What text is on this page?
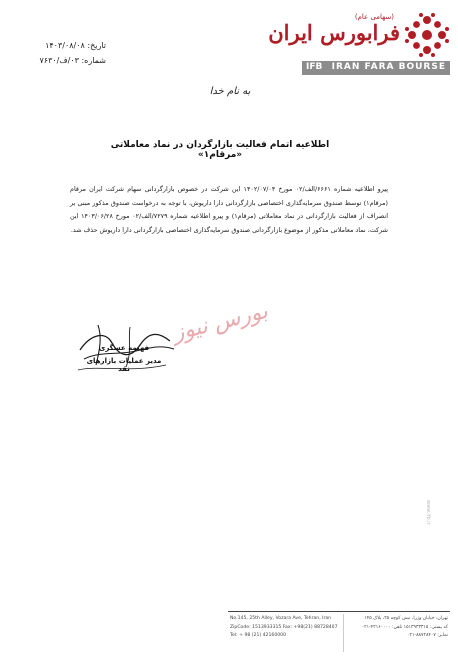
(سهامی عام)
فرابورس ایران
IFB IRAN FARA BOURSE
تاریخ: ۱۴۰۳/۰۸/۰۸
شماره: ۰۳/ف/۷۶۳۰
به نام خدا
اطلاعیه اتمام فعالیت بازارگردان در نماد معاملاتی «مرقام۱»
پیرو اطلاعیه شماره ۶۶۶۱/الف/۰۲ مورخ ۱۴۰۲/۰۷/۰۴ این شرکت در خصوص بازارگردانی سهام شرکت ایران مرقام (مرقام۱) توسط صندوق سرمایه‌گذاری اختصاصی بازارگردانی دارا داریوش، با توجه به درخواست صندوق مذکور مبنی بر انصراف از فعالیت بازارگردانی در نماد معاملاتی (مرقام۱) و پیرو اطلاعیه شماره ۷۲۷۹/الف/۰۲ مورخ ۱۴۰۳/۰۶/۲۸ این شرکت، نماد معاملاتی مذکور از موضوع بازارگردانی صندوق سرمایه‌گذاری اختصاصی بازارگردانی دارا داریوش حذف شد.
بورس نیوز
فهیمه عسگری
مدیر عملیات بازارهای نقد
www.ifb.ir
No.145, 25th Alley, Vozara Ave, Tehran, Iran
ZipCode: 1513933315 Fax: +98(21) 88728407
Tel: + 98 (21) 42160000
تهران، خیابان وزرا، نبش کوچه ۲۵، پلاک ۱۴۵
کد پستی: ۱۵۱۳۹۳۳۳۱۵ تلفن: ۴۲۱۶۰۰۰۰-۰۲۱
نمابر: ۸۸۷۲۸۴۰۷-۰۲۱
